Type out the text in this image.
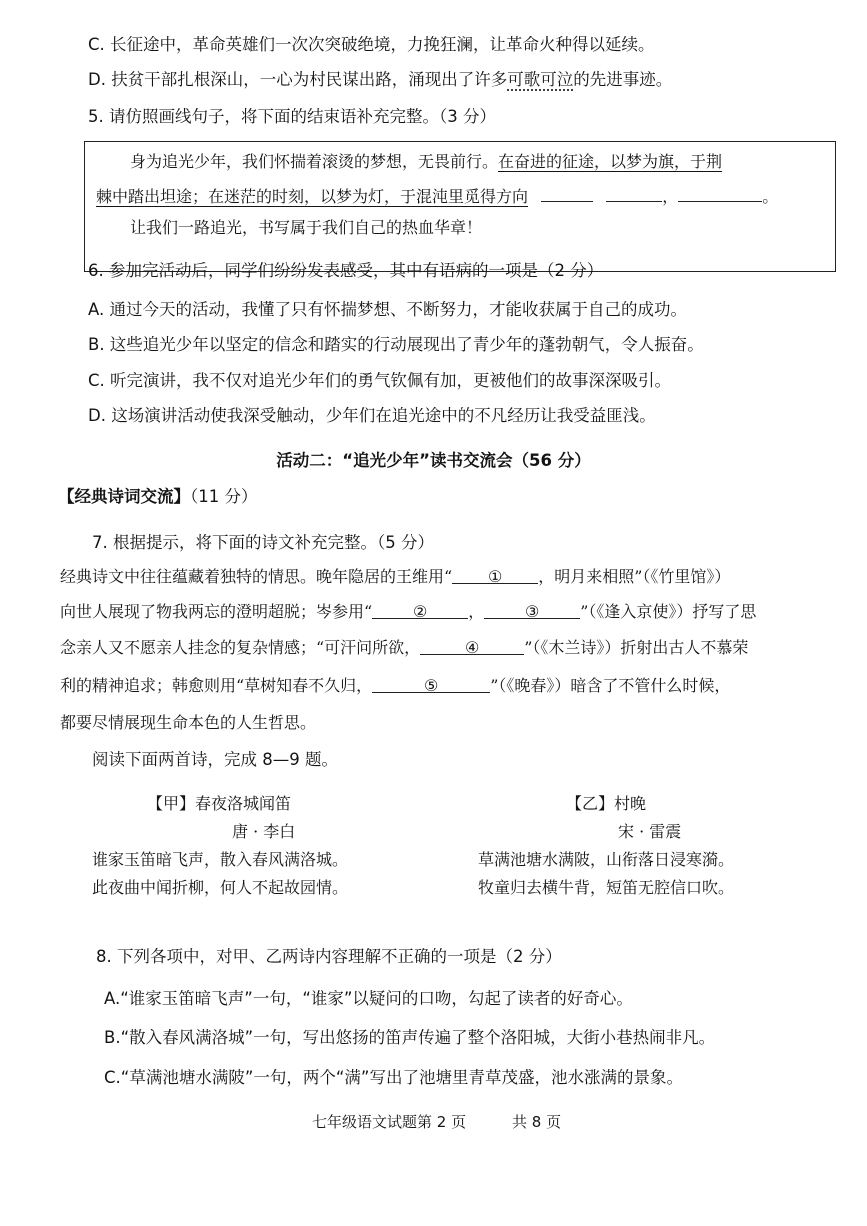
C. 长征途中，革命英雄们一次次突破绝境，力挽狂澜，让革命火种得以延续。
D. 扶贫干部扎根深山，一心为村民谋出路，涌现出了许多可歌可泣的先进事迹。
5. 请仿照画线句子，将下面的结束语补充完整。（3 分）
身为追光少年，我们怀揣着滚烫的梦想，无畏前行。在奋进的征途，以梦为旗，于荆
棘中踏出坦途；在迷茫的时刻，以梦为灯，于混沌里觅得方向	，	。
让我们一路追光，书写属于我们自己的热血华章！
6. 参加完活动后，同学们纷纷发表感受，其中有语病的一项是（2 分）
A. 通过今天的活动，我懂了只有怀揣梦想、不断努力，才能收获属于自己的成功。
B. 这些追光少年以坚定的信念和踏实的行动展现出了青少年的蓬勃朝气，令人振奋。
C. 听完演讲，我不仅对追光少年们的勇气钦佩有加，更被他们的故事深深吸引。
D. 这场演讲活动使我深受触动，少年们在追光途中的不凡经历让我受益匪浅。
活动二：“追光少年”读书交流会（56 分）
【经典诗词交流】（11 分）
7. 根据提示，将下面的诗文补充完整。（5 分）
经典诗文中往往蕴藏着独特的情思。晚年隐居的王维用“ ① ，明月来相照”（《竹里馆》）
向世人展现了物我两忘的澄明超脱；岑参用“	②	，	③	”（《逢入京使》）抒写了思
念亲人又不愿亲人挂念的复杂情感；“可汗问所欲，	④	”（《木兰诗》）折射出古人不慕荣
利的精神追求；韩愈则用“草树知春不久归，	⑤	”（《晚春》）暗含了不管什么时候，
都要尽情展现生命本色的人生哲思。
阅读下面两首诗，完成 8—9 题。
【甲】春夜洛城闻笛
唐 · 李白
谁家玉笛暗飞声，散入春风满洛城。
此夜曲中闻折柳，何人不起故园情。
【乙】村晚
宋 · 雷震
草满池塘水满陂，山衔落日浸寒漪。
牧童归去横牛背，短笛无腔信口吹。
8. 下列各项中，对甲、乙两诗内容理解不正确的一项是（2 分）
A.“谁家玉笛暗飞声”一句，“谁家”以疑问的口吻，勾起了读者的好奇心。
B.“散入春风满洛城”一句，写出悠扬的笛声传遍了整个洛阳城，大街小巷热闹非凡。
C.“草满池塘水满陂”一句，两个“满”写出了池塘里青草茂盛，池水涨满的景象。
七年级语文试题第 2 页	共 8 页
